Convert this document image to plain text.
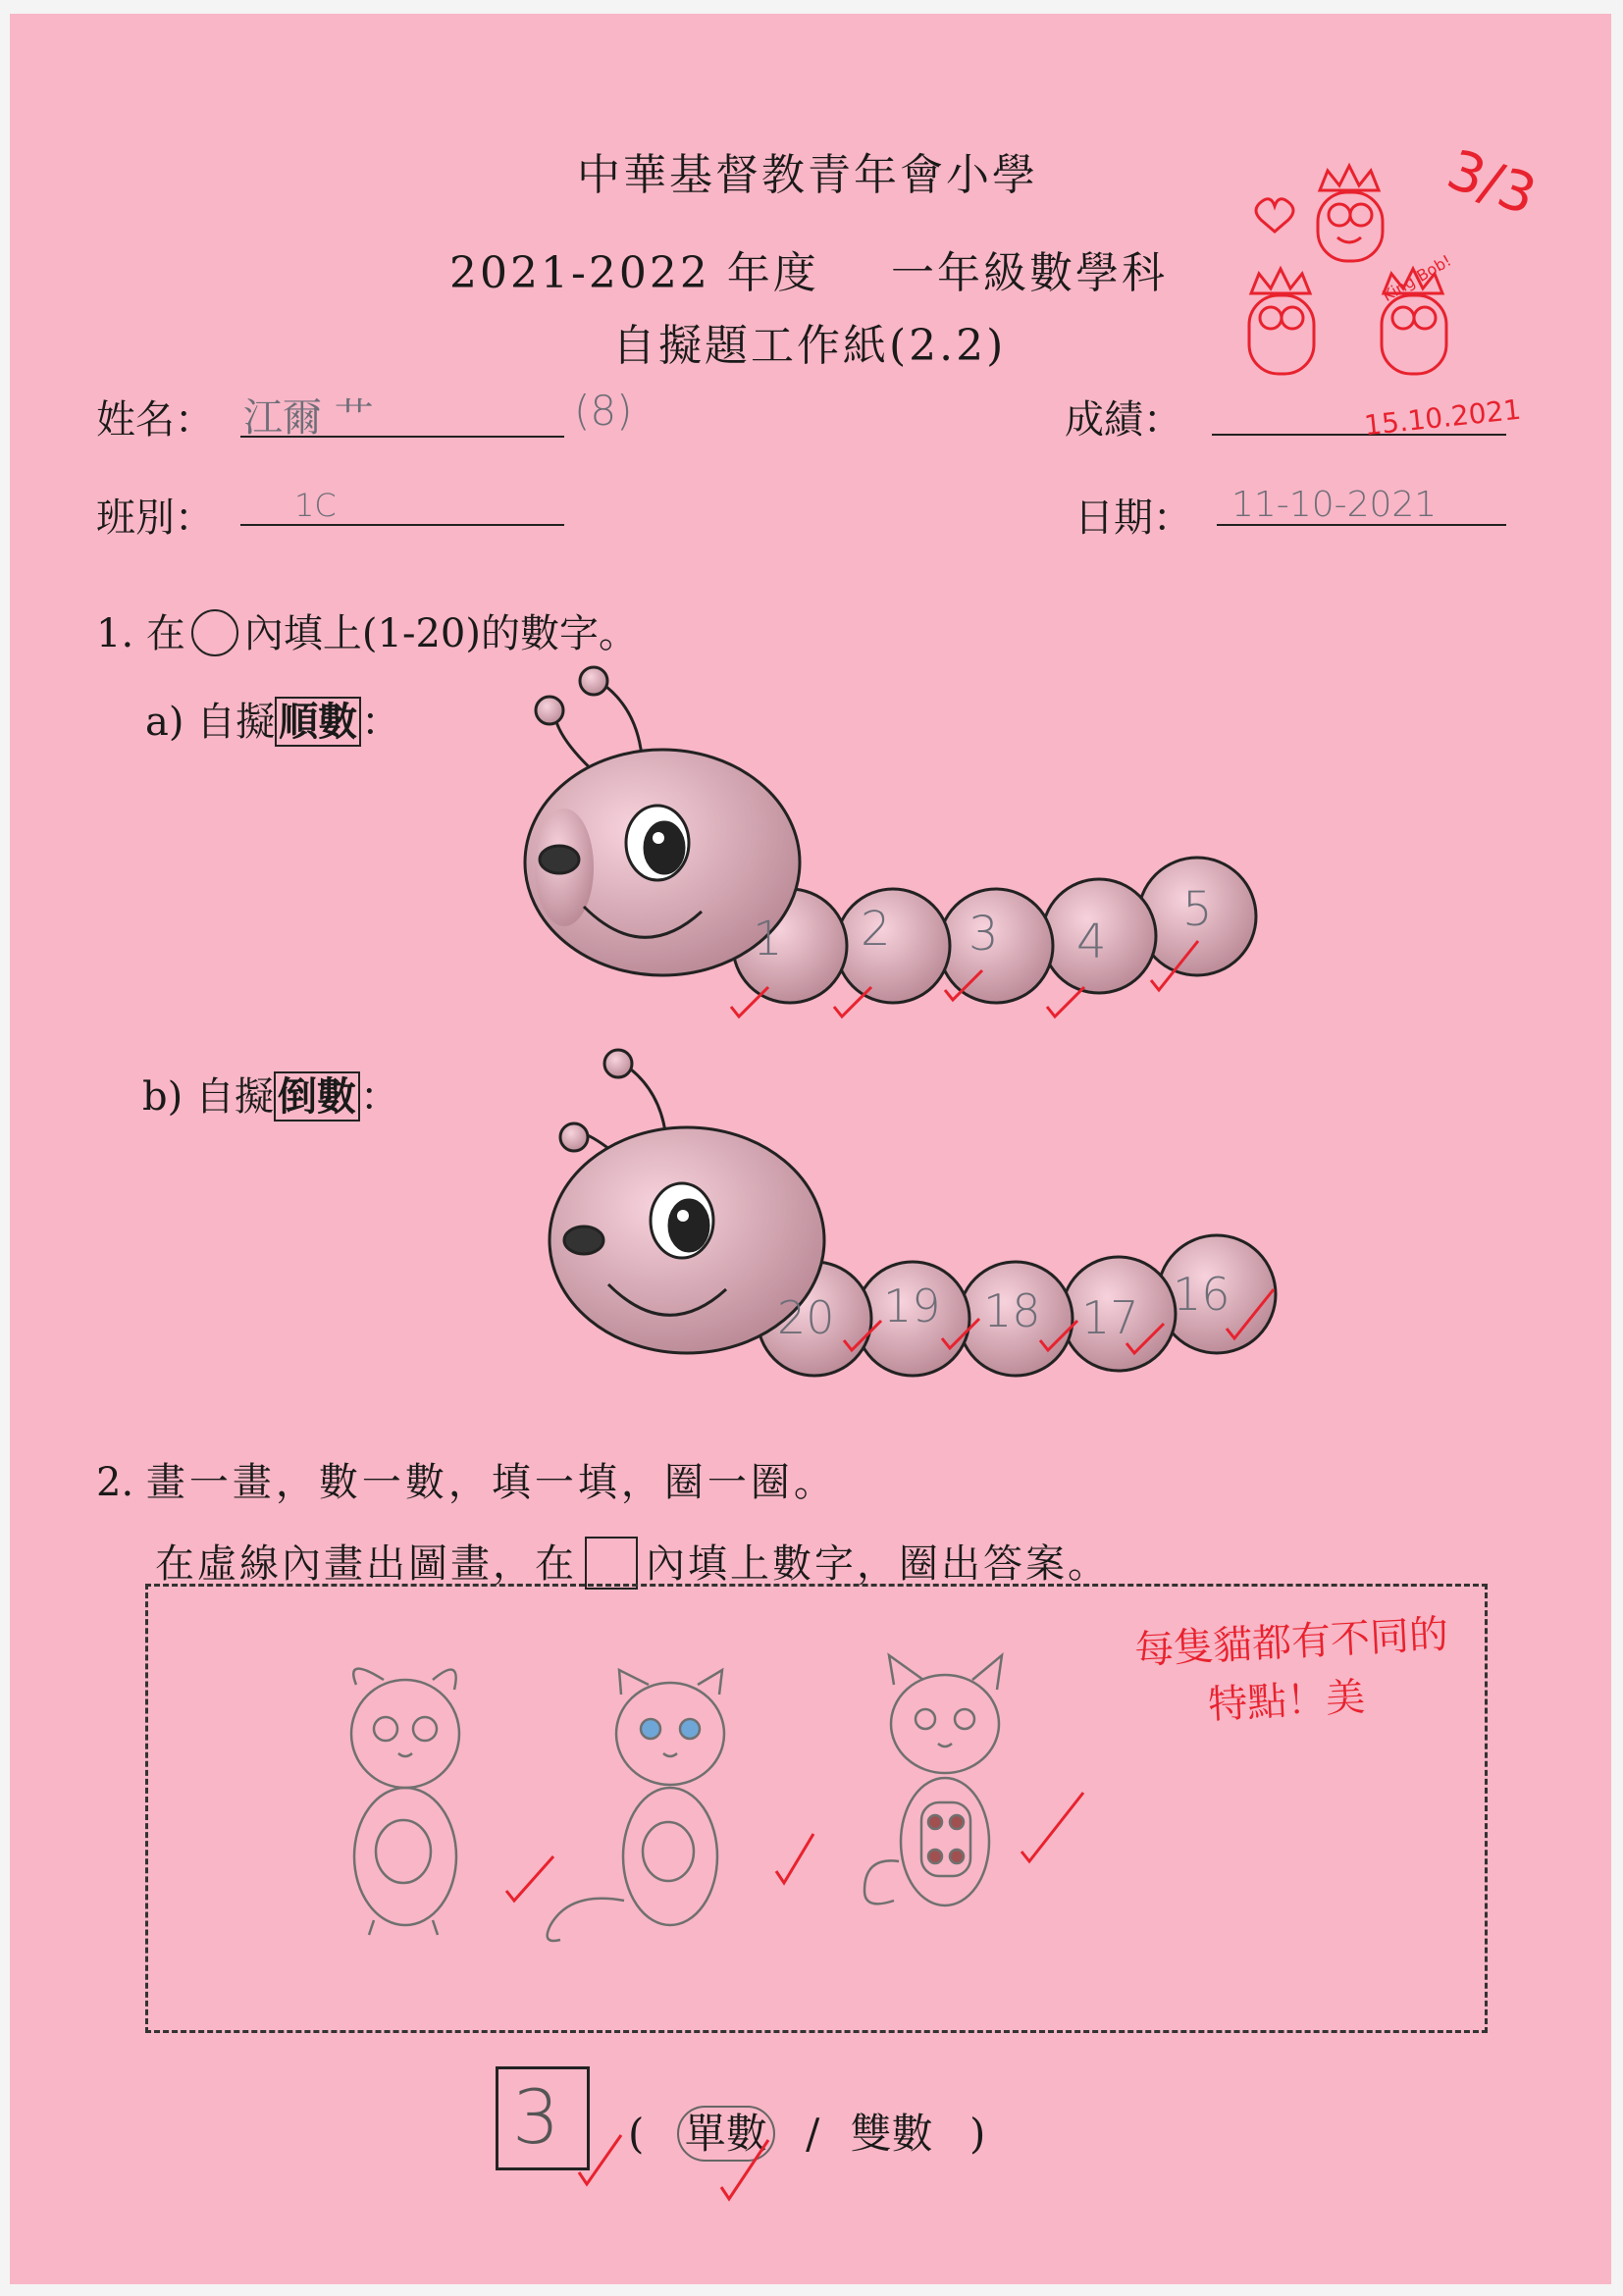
中華基督教青年會小學
2021-2022 年度 一年級數學科
自擬題工作紙(2.2)
King Bob!
3/3
姓名： 江爾 艹	(8)	成績：	15.10.2021
班別：	1C	日期： 11-10-2021
1. 在 內填上(1-20)的數字。
a) 自擬 順數 ：
1 2 3 4
5
b) 自擬 倒數 ：
20 19 18 17 16
2. 畫一畫，數一數，填一填，圈一圈。
在虛線內畫出圖畫，在 內填上數字，圈出答案。
每隻貓都有不同的
特點！美
3 ( 單數 / 雙數 )
